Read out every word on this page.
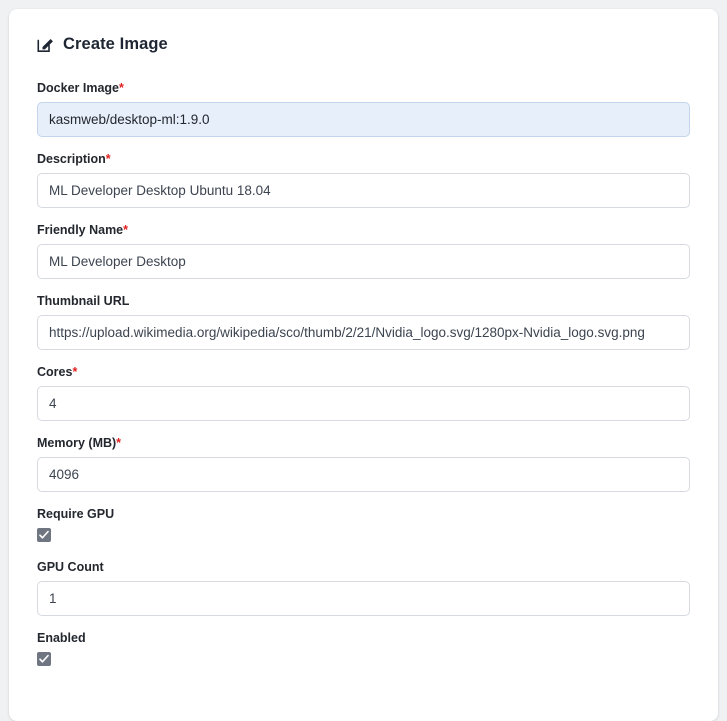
Create Image
Docker Image*
kasmweb/desktop-ml:1.9.0
Description*
ML Developer Desktop Ubuntu 18.04
Friendly Name*
ML Developer Desktop
Thumbnail URL
https://upload.wikimedia.org/wikipedia/sco/thumb/2/21/Nvidia_logo.svg/1280px-Nvidia_logo.svg.png
Cores*
4
Memory (MB)*
4096
Require GPU
GPU Count
1
Enabled
